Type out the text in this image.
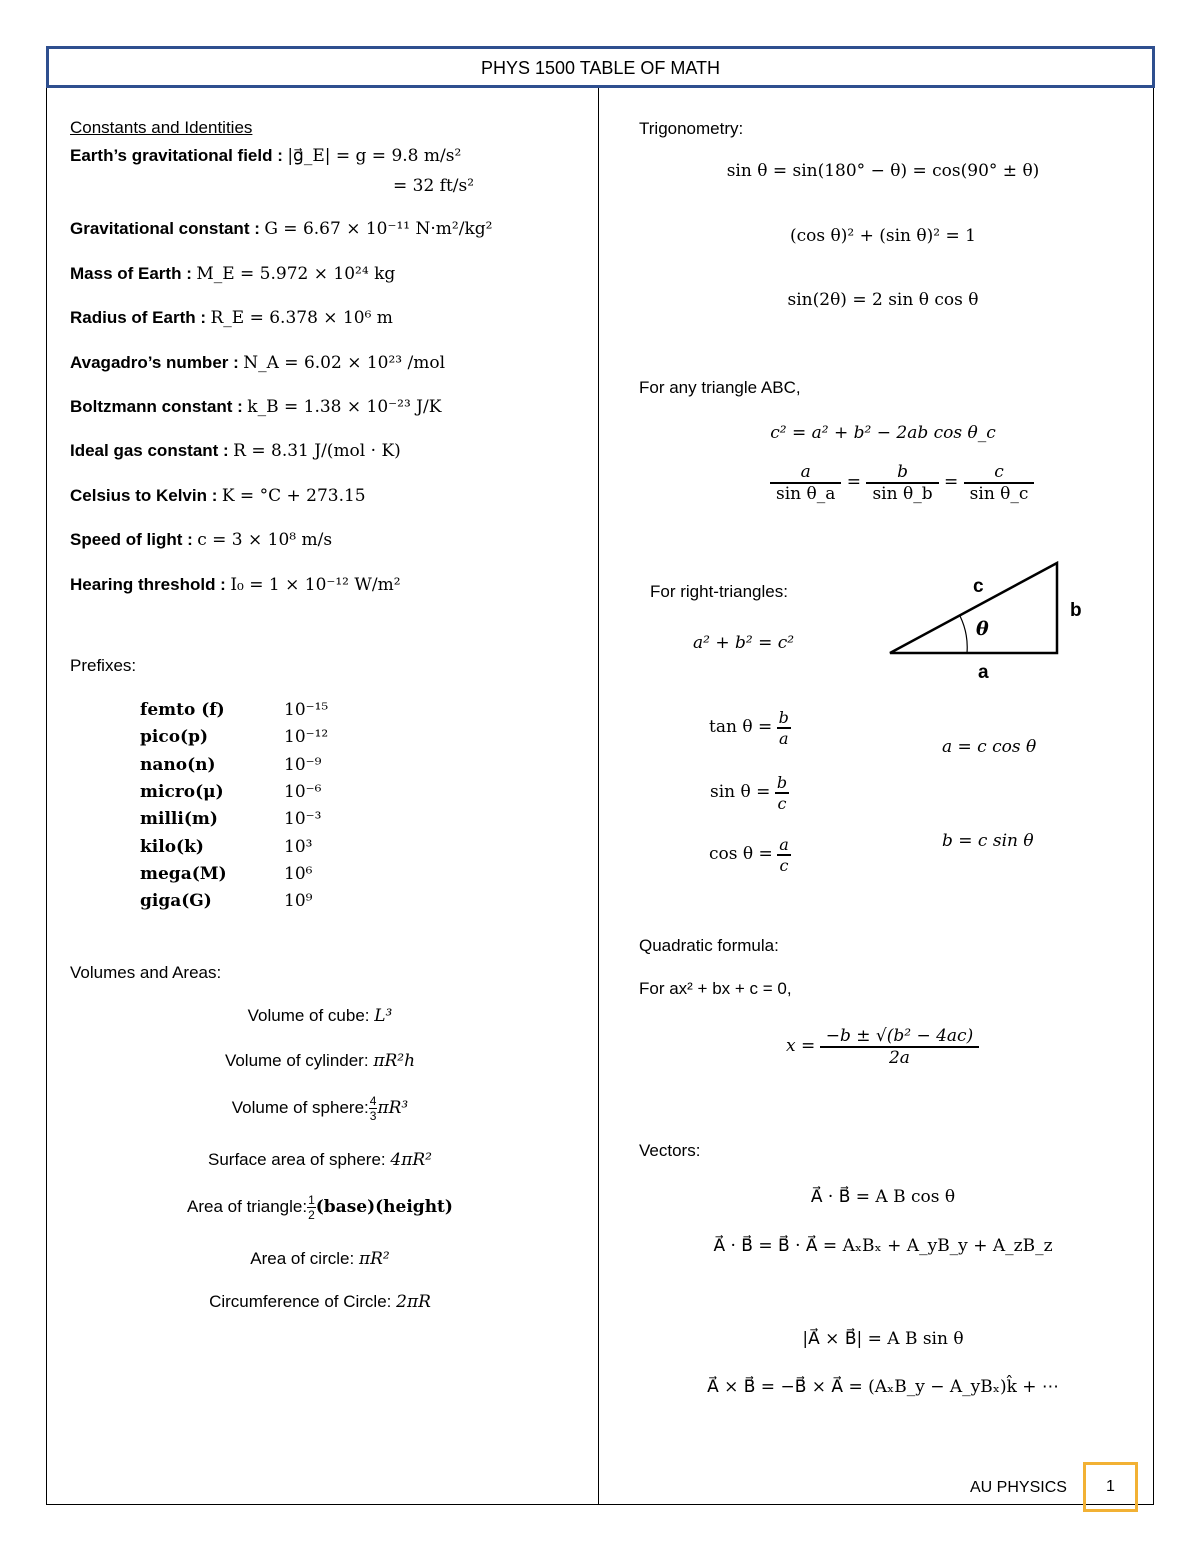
PHYS 1500 TABLE OF MATH
Constants and Identities
Earth’s gravitational field : |g⃗_E| = g = 9.8 m/s²
= 32 ft/s²
Gravitational constant : G = 6.67 × 10⁻¹¹ N·m²/kg²
Mass of Earth : M_E = 5.972 × 10²⁴ kg
Radius of Earth : R_E = 6.378 × 10⁶ m
Avagadro’s number : N_A = 6.02 × 10²³ /mol
Boltzmann constant : k_B = 1.38 × 10⁻²³ J/K
Ideal gas constant : R = 8.31 J/(mol · K)
Celsius to Kelvin : K = °C + 273.15
Speed of light : c = 3 × 10⁸ m/s
Hearing threshold : I₀ = 1 × 10⁻¹² W/m²
Prefixes:
femto (f)	10⁻¹⁵
pico(p)	10⁻¹²
nano(n)	10⁻⁹
micro(μ)	10⁻⁶
milli(m)	10⁻³
kilo(k)	10³
mega(M)	10⁶
giga(G)	10⁹
Volumes and Areas:
Volume of cube: L³
Volume of cylinder: πR²h
Volume of sphere: $\frac{4}{3} \pi R^3$
Surface area of sphere: 4πR²
Area of triangle: $\frac{1}{2}$ (base)(height)
Area of circle: πR²
Circumference of Circle: 2πR
Trigonometry:
sin θ = sin(180° − θ) = cos(90° ± θ)
(cos θ)² + (sin θ)² = 1
sin(2θ) = 2 sin θ cos θ
For any triangle ABC,
c² = a² + b² − 2ab cos θ_c
$\frac{a}{\text{sin θ\_a}} = \frac{b}{\text{sin θ\_b}} = \frac{c}{\text{sin θ\_c}}$
For right-triangles:
a² + b² = c²
c
b
a
θ
$\tan \theta = \frac{b}{a}$
$\sin \theta = \frac{b}{c}$
$\cos \theta = \frac{a}{c}$
a = c cos θ
b = c sin θ
Quadratic formula:
For ax² + bx + c = 0,
$x = \frac{\text{−b ± √(b² − 4ac)}}{2a}$
Vectors:
A⃗ · B⃗ = A B cos θ
A⃗ · B⃗ = B⃗ · A⃗ = AₓBₓ + A_yB_y + A_zB_z
|A⃗ × B⃗| = A B sin θ
A⃗ × B⃗ = −B⃗ × A⃗ = (AₓB_y − A_yBₓ)k̂ + ⋯
AU PHYSICS	1
